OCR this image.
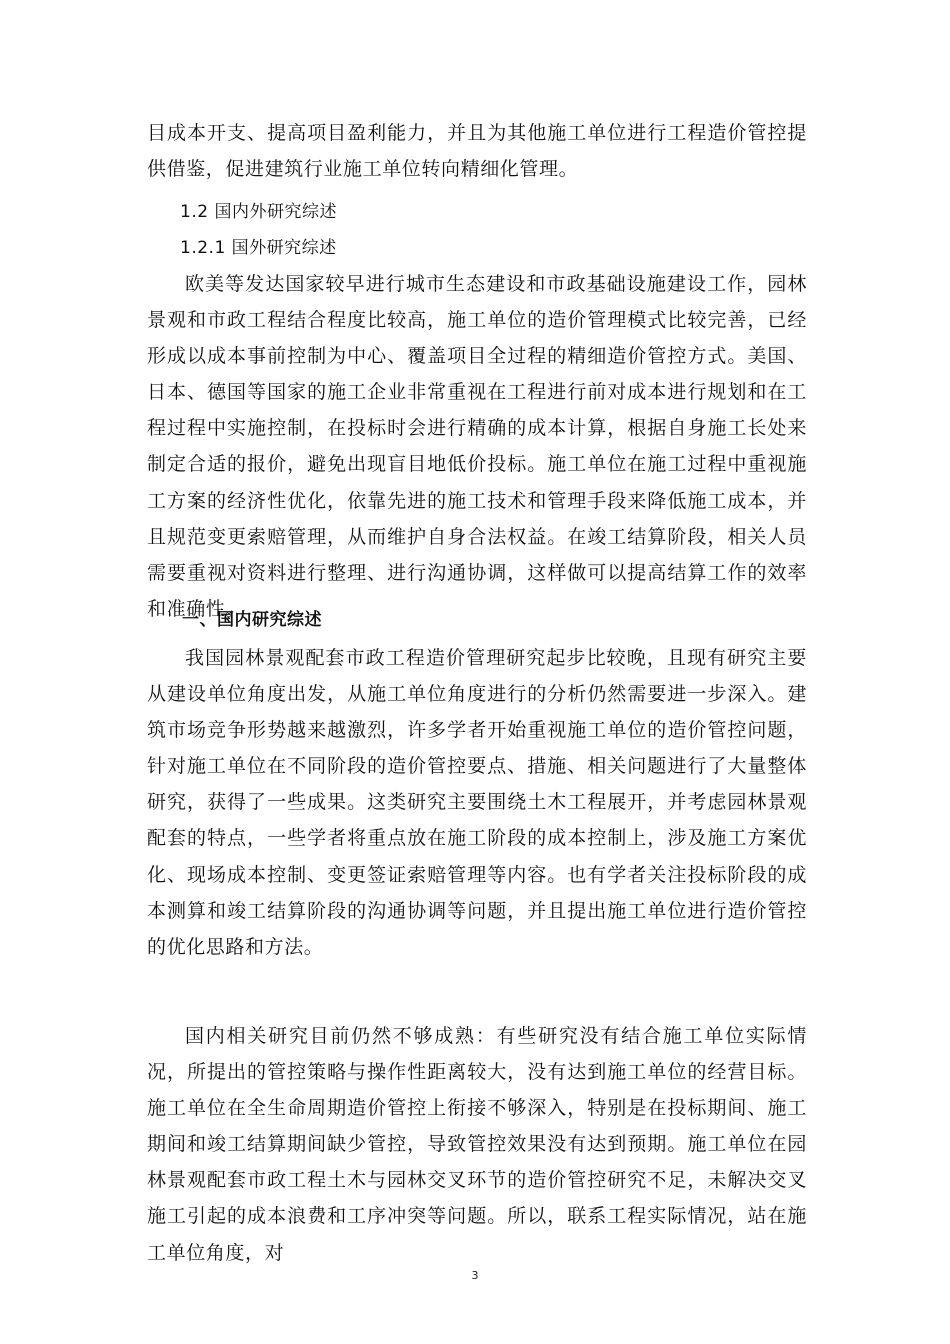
目成本开支、提高项目盈利能力，并且为其他施工单位进行工程造价管控提供借鉴，促进建筑行业施工单位转向精细化管理。

1.2 国内外研究综述
1.2.1 国外研究综述

欧美等发达国家较早进行城市生态建设和市政基础设施建设工作，园林景观和市政工程结合程度比较高，施工单位的造价管理模式比较完善，已经形成以成本事前控制为中心、覆盖项目全过程的精细造价管控方式。美国、日本、德国等国家的施工企业非常重视在工程进行前对成本进行规划和在工程过程中实施控制，在投标时会进行精确的成本计算，根据自身施工长处来制定合适的报价，避免出现盲目地低价投标。施工单位在施工过程中重视施工方案的经济性优化，依靠先进的施工技术和管理手段来降低施工成本，并且规范变更索赔管理，从而维护自身合法权益。在竣工结算阶段，相关人员需要重视对资料进行整理、进行沟通协调，这样做可以提高结算工作的效率和准确性。

一、国内研究综述

我国园林景观配套市政工程造价管理研究起步比较晚，且现有研究主要从建设单位角度出发，从施工单位角度进行的分析仍然需要进一步深入。建筑市场竞争形势越来越激烈，许多学者开始重视施工单位的造价管控问题，针对施工单位在不同阶段的造价管控要点、措施、相关问题进行了大量整体研究，获得了一些成果。这类研究主要围绕土木工程展开，并考虑园林景观配套的特点，一些学者将重点放在施工阶段的成本控制上，涉及施工方案优化、现场成本控制、变更签证索赔管理等内容。也有学者关注投标阶段的成本测算和竣工结算阶段的沟通协调等问题，并且提出施工单位进行造价管控的优化思路和方法。

国内相关研究目前仍然不够成熟：有些研究没有结合施工单位实际情况，所提出的管控策略与操作性距离较大，没有达到施工单位的经营目标。施工单位在全生命周期造价管控上衔接不够深入，特别是在投标期间、施工期间和竣工结算期间缺少管控，导致管控效果没有达到预期。施工单位在园林景观配套市政工程土木与园林交叉环节的造价管控研究不足，未解决交叉施工引起的成本浪费和工序冲突等问题。所以，联系工程实际情况，站在施工单位角度，对

3
